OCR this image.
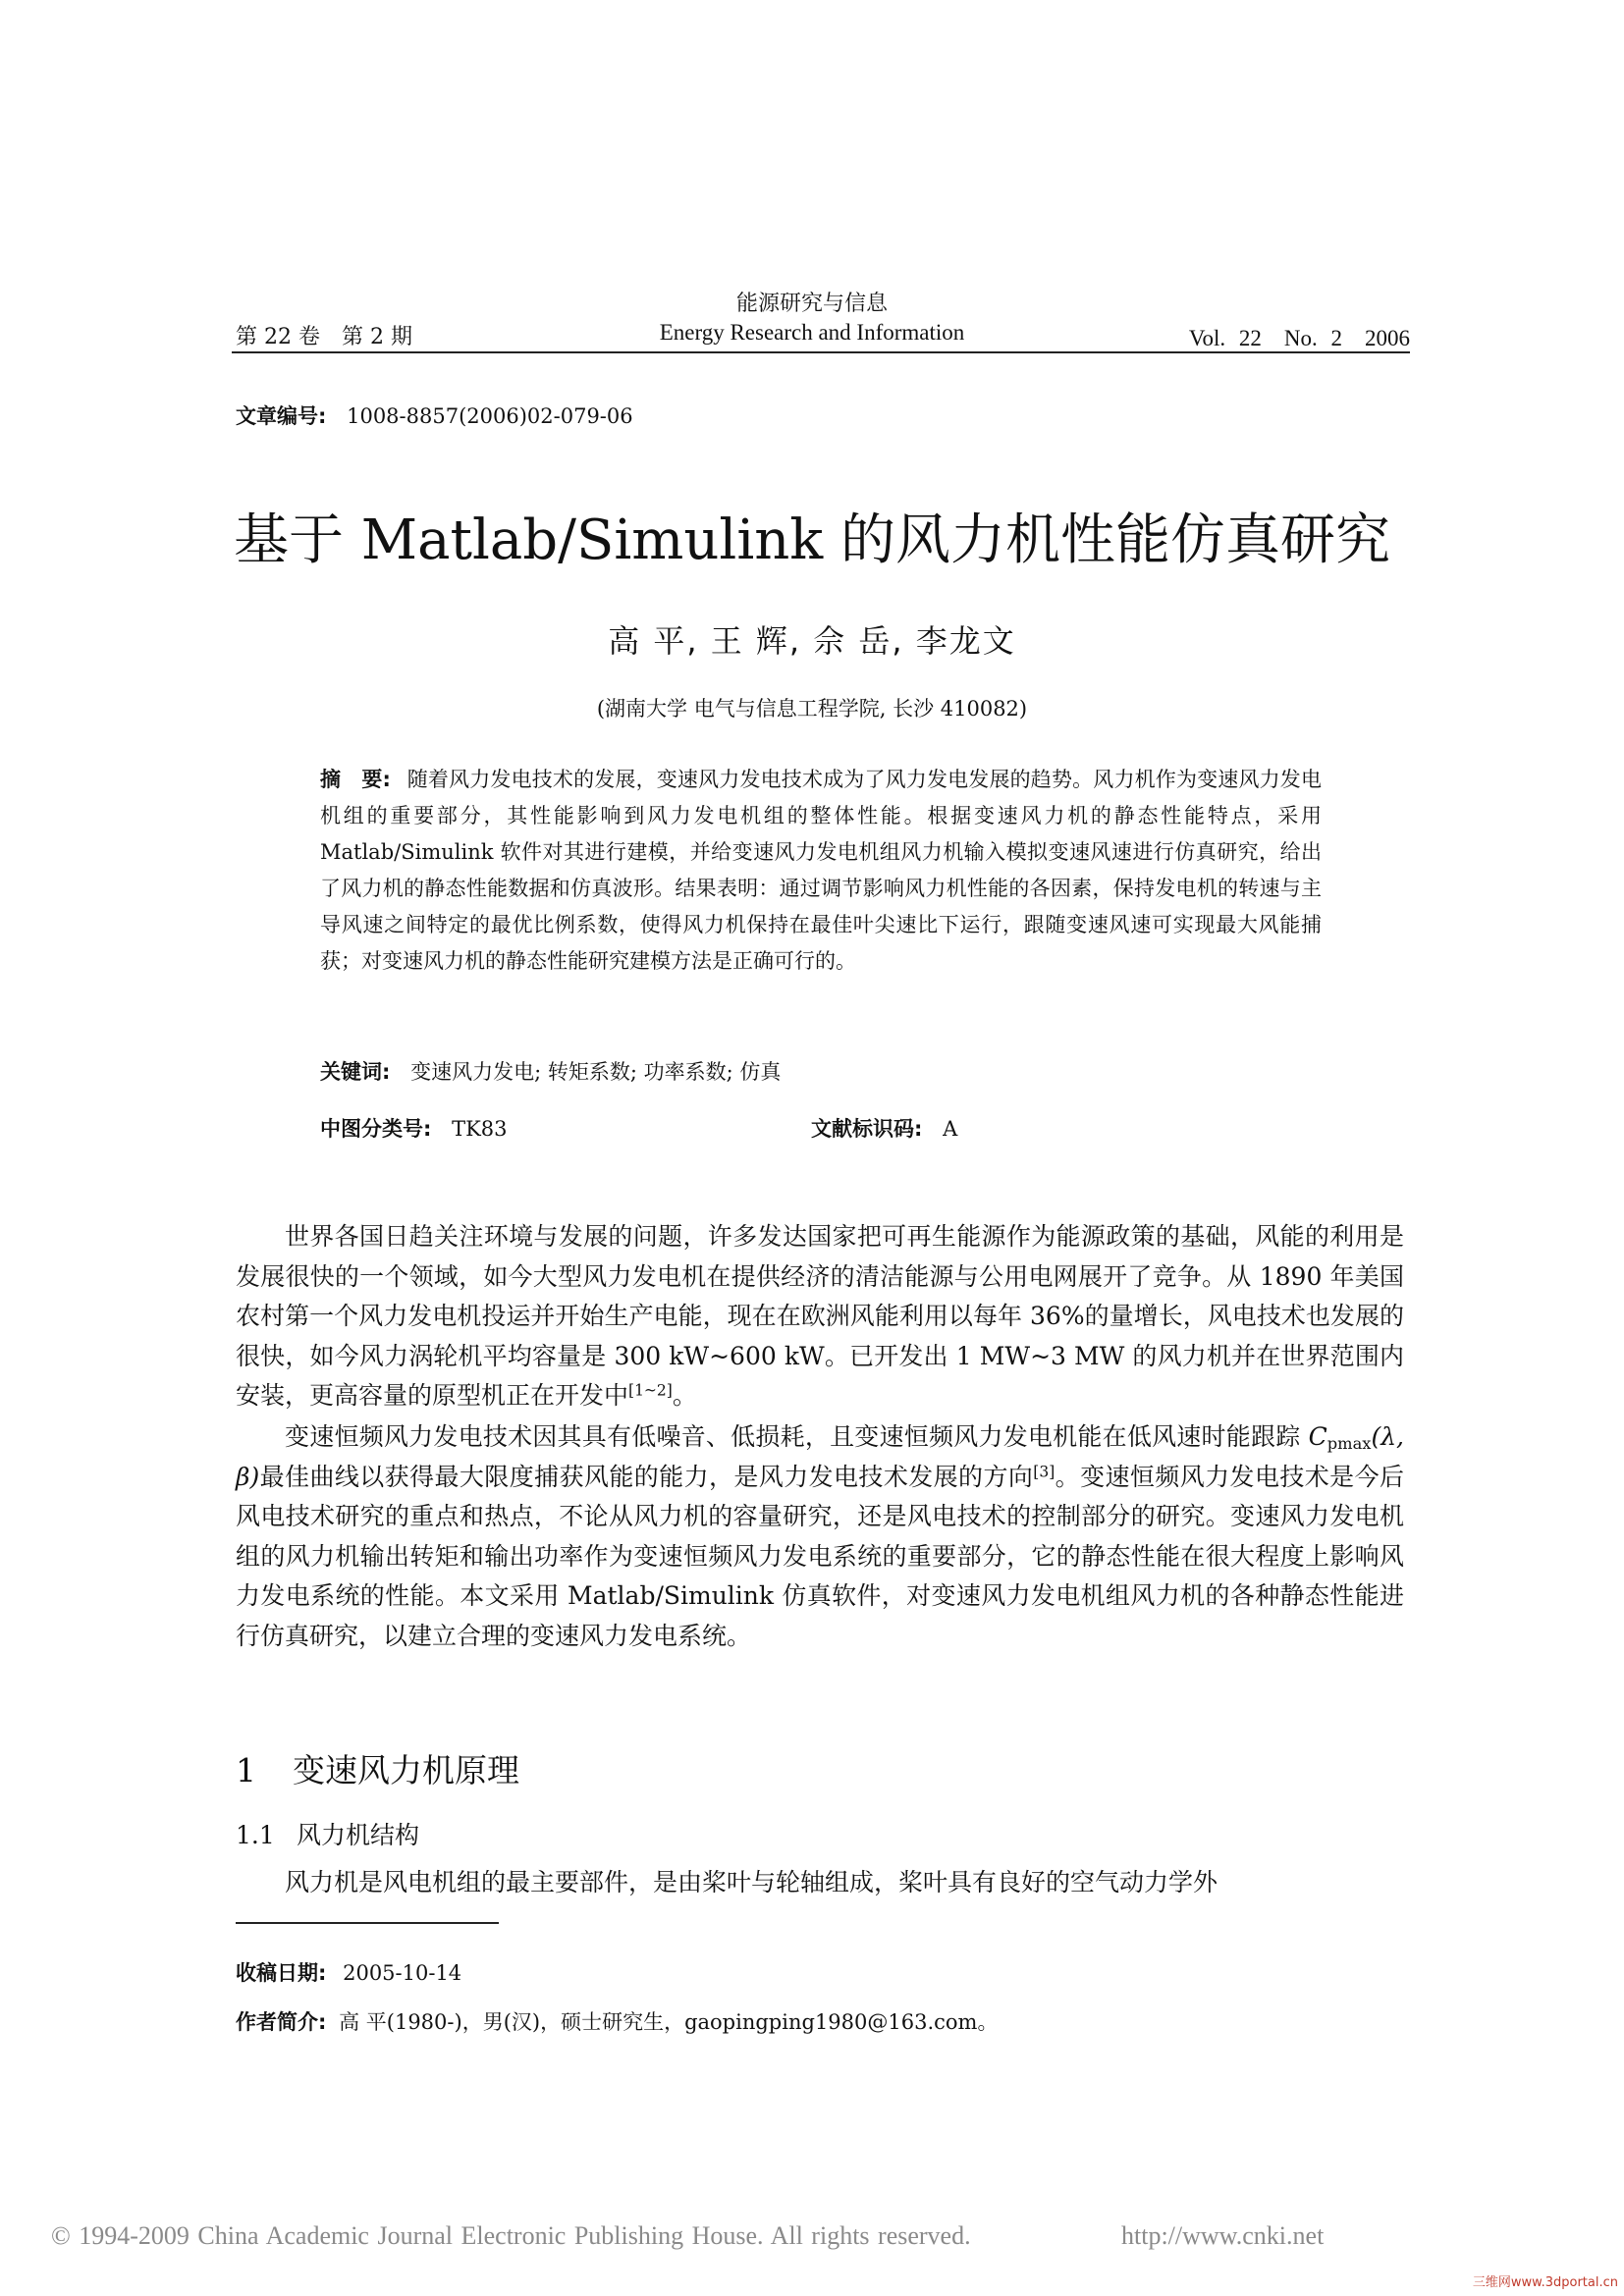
能源研究与信息
第 22 卷　第 2 期	Energy Research and Information	Vol. 22　No. 2　2006
文章编号: 1008-8857(2006)02-079-06
基于 Matlab/Simulink 的风力机性能仿真研究
高 平, 王 辉, 佘 岳, 李龙文
(湖南大学 电气与信息工程学院, 长沙 410082)
摘　要: 随着风力发电技术的发展，变速风力发电技术成为了风力发电发展的趋势。风力机作为变速风力发电机组的重要部分，其性能影响到风力发电机组的整体性能。根据变速风力机的静态性能特点，采用 Matlab/Simulink 软件对其进行建模，并给变速风力发电机组风力机输入模拟变速风速进行仿真研究，给出了风力机的静态性能数据和仿真波形。结果表明：通过调节影响风力机性能的各因素，保持发电机的转速与主导风速之间特定的最优比例系数，使得风力机保持在最佳叶尖速比下运行，跟随变速风速可实现最大风能捕获；对变速风力机的静态性能研究建模方法是正确可行的。
关键词: 变速风力发电; 转矩系数; 功率系数; 仿真
中图分类号: TK83	文献标识码: A
世界各国日趋关注环境与发展的问题，许多发达国家把可再生能源作为能源政策的基础，风能的利用是发展很快的一个领域，如今大型风力发电机在提供经济的清洁能源与公用电网展开了竞争。从 1890 年美国农村第一个风力发电机投运并开始生产电能，现在在欧洲风能利用以每年 36%的量增长，风电技术也发展的很快，如今风力涡轮机平均容量是 300 kW~600 kW。已开发出 1 MW~3 MW 的风力机并在世界范围内安装，更高容量的原型机正在开发中[1~2]。
变速恒频风力发电技术因其具有低噪音、低损耗，且变速恒频风力发电机能在低风速时能跟踪 $C_{pmax}(\lambda$, β)最佳曲线以获得最大限度捕获风能的能力，是风力发电技术发展的方向[3]。变速恒频风力发电技术是今后风电技术研究的重点和热点，不论从风力机的容量研究，还是风电技术的控制部分的研究。变速风力发电机组的风力机输出转矩和输出功率作为变速恒频风力发电系统的重要部分，它的静态性能在很大程度上影响风力发电系统的性能。本文采用 Matlab/Simulink 仿真软件，对变速风力发电机组风力机的各种静态性能进行仿真研究，以建立合理的变速风力发电系统。
1 变速风力机原理
1.1 风力机结构
风力机是风电机组的最主要部件，是由桨叶与轮轴组成，桨叶具有良好的空气动力学外
收稿日期: 2005-10-14
作者简介: 高 平(1980-)，男(汉)，硕士研究生，gaopingping1980@163.com。
© 1994-2009 China Academic Journal Electronic Publishing House. All rights reserved.	http://www.cnki.net
三维网www.3dportal.cn
